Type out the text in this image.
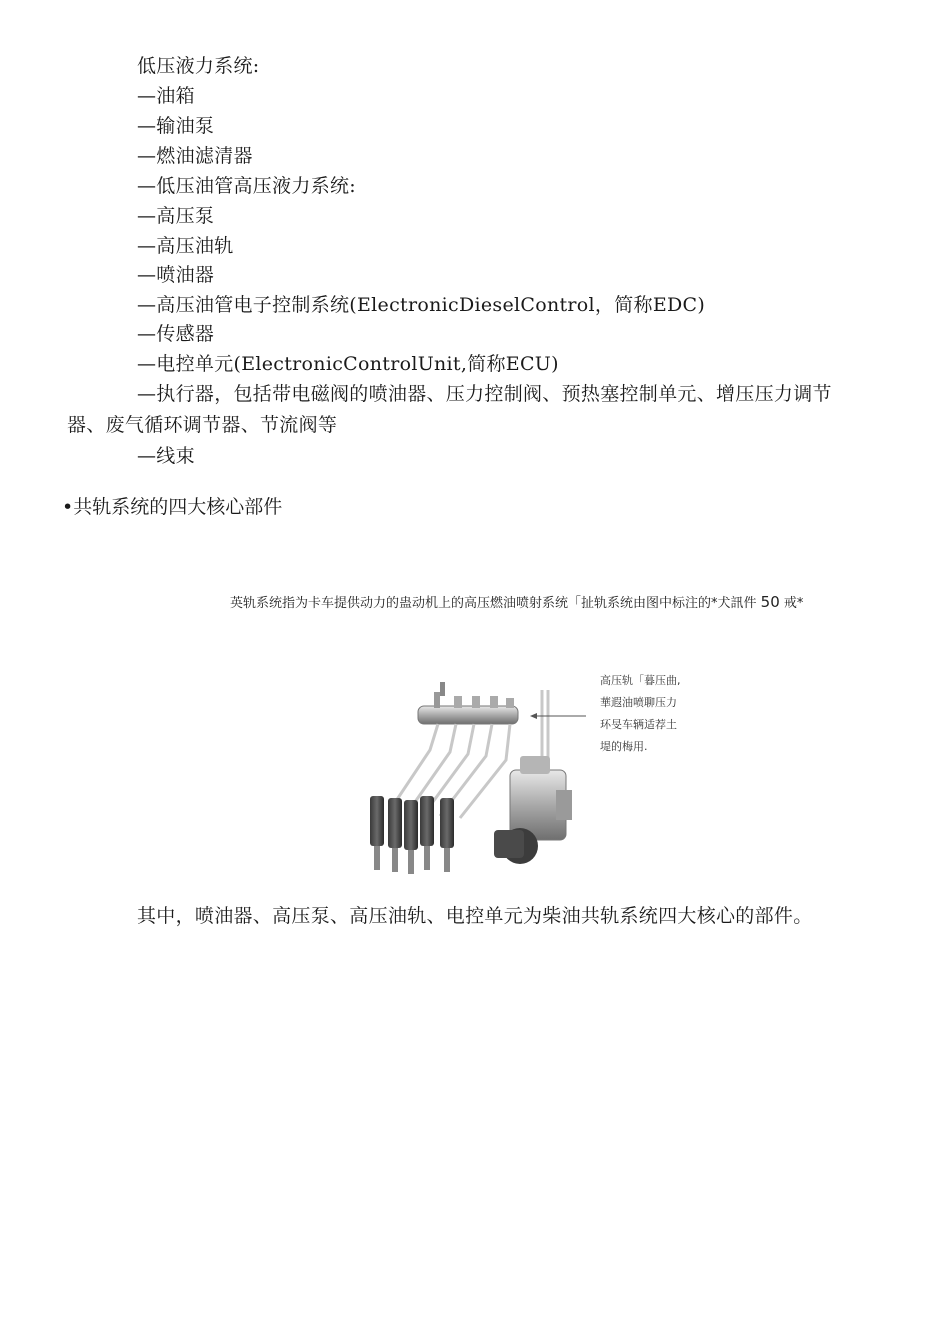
低压液力系统:
—油箱
—输油泵
—燃油滤清器
—低压油管高压液力系统:
—高压泵
—高压油轨
—喷油器
—高压油管电子控制系统(ElectronicDieselControl，简称EDC)
—传感器
—电控单元(ElectronicControlUnit,简称ECU)
—执行器，包括带电磁阀的喷油器、压力控制阀、预热塞控制单元、增压压力调节
器、废气循环调节器、节流阀等
—线束
•共轨系统的四大核心部件
英轨系统指为卡车提供动力的蛊动机上的高压燃油喷射系统「扯轨系统由图中标注的*犬訊件 50 戒*
高压轨「暮压曲,
華遐油喷聊压力
环旻车辆适荐土
堤的梅用.
其中，喷油器、高压泵、高压油轨、电控单元为柴油共轨系统四大核心的部件。
